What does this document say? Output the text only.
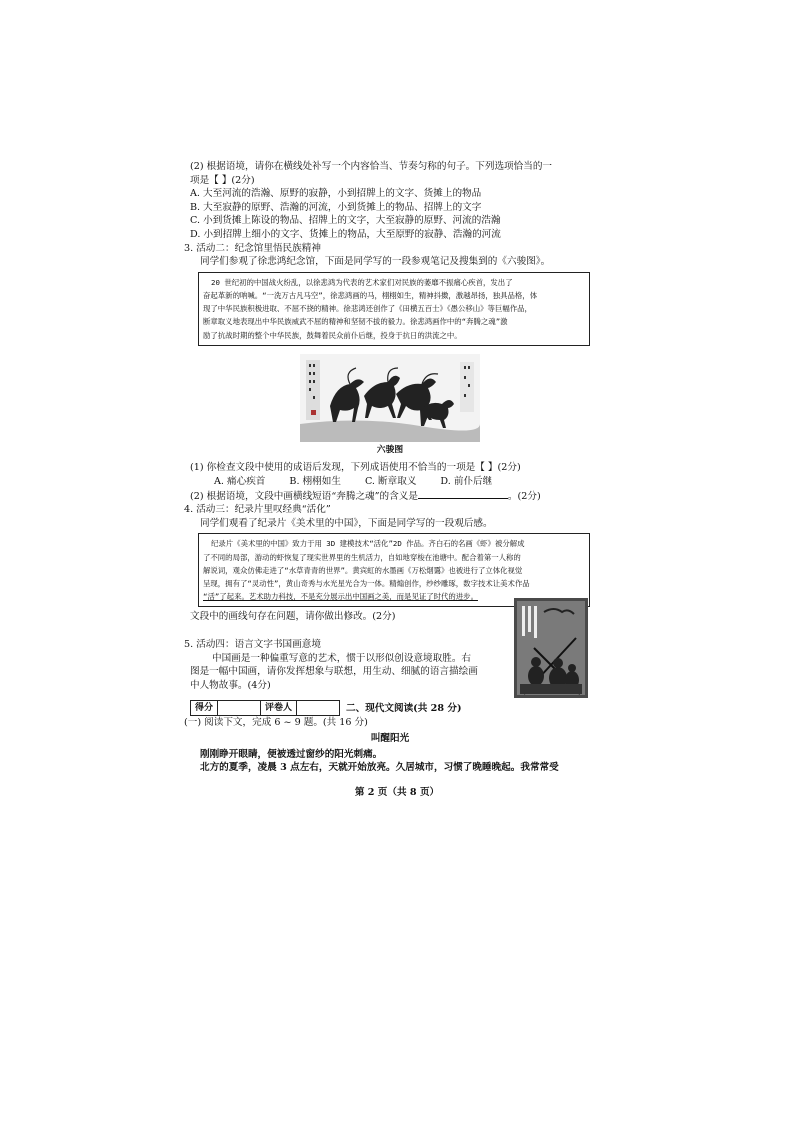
(2) 根据语境，请你在横线处补写一个内容恰当、节奏匀称的句子。下列选项恰当的一
项是【 】(2分)
A. 大至河流的浩瀚、原野的寂静，小到招牌上的文字、货摊上的物品
B. 大至寂静的原野、浩瀚的河流，小到货摊上的物品、招牌上的文字
C. 小到货摊上陈设的物品、招牌上的文字，大至寂静的原野、河流的浩瀚
D. 小到招牌上细小的文字、货摊上的物品，大至原野的寂静、浩瀚的河流
3. 活动二：纪念馆里悟民族精神
同学们参观了徐悲鸿纪念馆，下面是同学写的一段参观笔记及搜集到的《六骏图》。
20 世纪初的中国战火纷乱，以徐悲鸿为代表的艺术家们对民族的萎靡不振痛心疾首，发出了
奋起革新的呐喊。“一洗万古凡马空”，徐悲鸿画的马，栩栩如生，精神抖擞，激越昂扬，独具品格，体
现了中华民族积极进取、不屈不挠的精神。徐悲鸿还创作了《田横五百士》《愚公移山》等巨幅作品，
断章取义地表现出中华民族威武不屈的精神和坚韧不拔的毅力。徐悲鸿画作中的“奔腾之魂”激
励了抗战时期的整个中华民族，鼓舞着民众前仆后继，投身于抗日的洪流之中。
六骏图
(1) 你检查文段中使用的成语后发现，下列成语使用不恰当的一项是【 】(2分)
A. 痛心疾首	B. 栩栩如生	C. 断章取义	D. 前仆后继
(2) 根据语境，文段中画横线短语“奔腾之魂”的含义是	。(2分)
4. 活动三：纪录片里叹经典“活化”
同学们观看了纪录片《美术里的中国》，下面是同学写的一段观后感。
纪录片《美术里的中国》致力于用 3D 建模技术“活化”2D 作品。齐白石的名画《虾》被分解成
了不同的局部，游动的虾恢复了现实世界里的生机活力，自如地穿梭在池塘中。配合着第一人称的
解说词，观众仿佛走进了“水草青青的世界”。黄宾虹的水墨画《万松烟霭》也被进行了立体化视觉
呈现，拥有了“灵动性”，黄山奇秀与水光星光合为一体。精煽创作，纱纱雕琢，数字技术让美术作品
“活”了起来。艺术助力科技，不是充分展示出中国画之美，而是见证了时代的进步。
文段中的画线句存在问题，请你做出修改。(2分)
5. 活动四：语言文字书国画意境
中国画是一种偏重写意的艺术，惯于以形似创设意境取胜。右
图是一幅中国画，请你发挥想象与联想，用生动、细腻的语言描绘画
中人物故事。(4分)
得分		评卷人		二、现代文阅读(共 28 分)
(一) 阅读下文，完成 6 ~ 9 题。(共 16 分)
叫醒阳光
刚刚睁开眼睛，便被透过窗纱的阳光刺痛。
北方的夏季，凌晨 3 点左右，天就开始放亮。久居城市，习惯了晚睡晚起。我常常受
第 2 页（共 8 页）
